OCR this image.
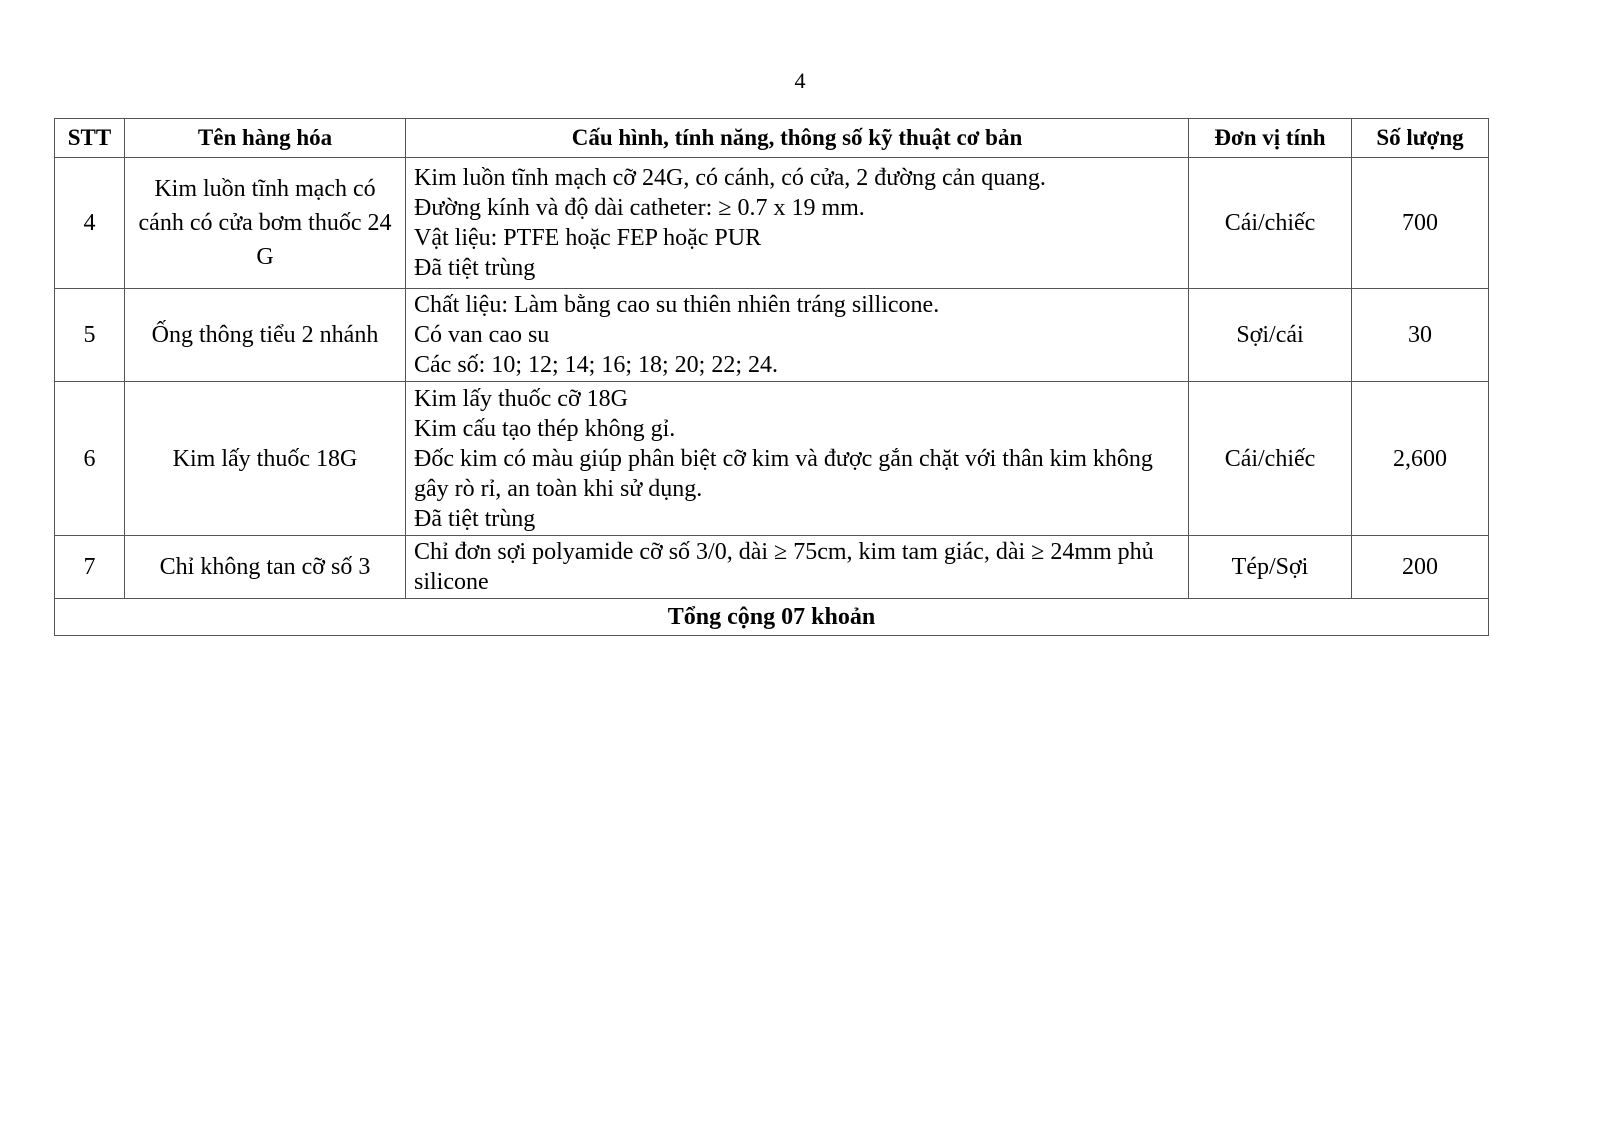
4
STT	Tên hàng hóa	Cấu hình, tính năng, thông số kỹ thuật cơ bản	Đơn vị tính	Số lượng
4	Kim luồn tĩnh mạch có cánh có cửa bơm thuốc 24 G	Kim luồn tĩnh mạch cỡ 24G, có cánh, có cửa, 2 đường cản quang.
Đường kính và độ dài catheter: ≥ 0.7 x 19 mm.
Vật liệu: PTFE hoặc FEP hoặc PUR
Đã tiệt trùng	Cái/chiếc	700
5	Ống thông tiểu 2 nhánh	Chất liệu: Làm bằng cao su thiên nhiên tráng sillicone.
Có van cao su
Các số: 10; 12; 14; 16; 18; 20; 22; 24.	Sợi/cái	30
6	Kim lấy thuốc 18G	Kim lấy thuốc cỡ 18G
Kim cấu tạo thép không gỉ.
Đốc kim có màu giúp phân biệt cỡ kim và được gắn chặt với thân kim không gây rò rỉ, an toàn khi sử dụng.
Đã tiệt trùng	Cái/chiếc	2,600
7	Chỉ không tan cỡ số 3	Chỉ đơn sợi polyamide cỡ số 3/0, dài ≥ 75cm, kim tam giác, dài ≥ 24mm phủ silicone	Tép/Sợi	200
Tổng cộng 07 khoản				
